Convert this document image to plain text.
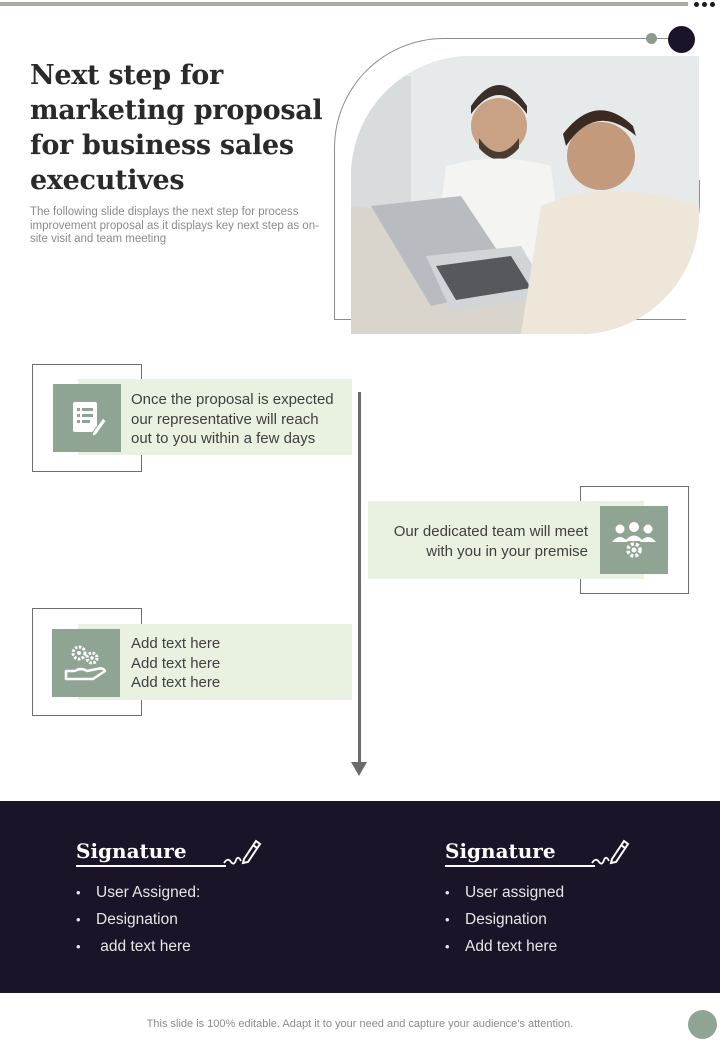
Next step for marketing proposal for business sales executives

The following slide displays the next step for process improvement proposal as it displays key next step as on-site visit and team meeting

Once the proposal is expected
our representative will reach
out to you within a few days
Our dedicated team will meet
with you in your premise
Add text here
Add text here
Add text here
Signature
• User Assigned:
• Designation
•  add text here
Signature
• User assigned
• Designation
• Add text here
This slide is 100% editable. Adapt it to your need and capture your audience’s attention.
